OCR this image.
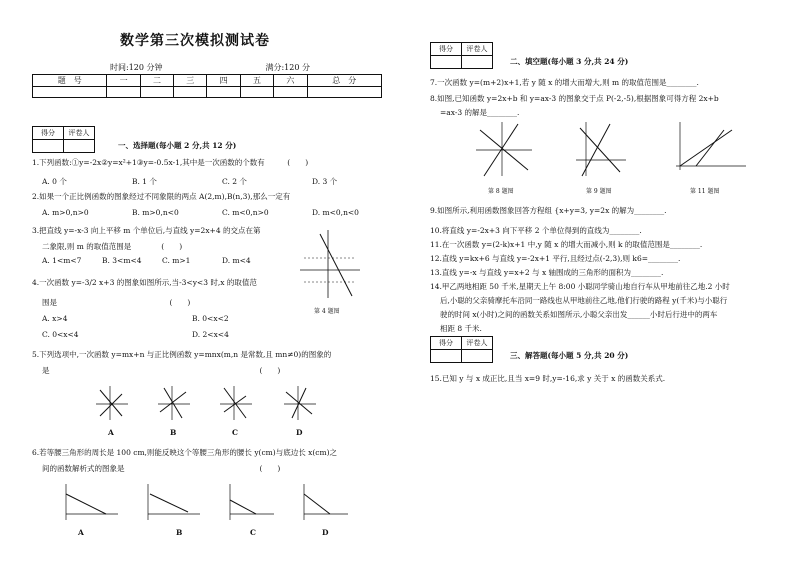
数学第三次模拟测试卷
时间:120 分钟	满分:120 分
题　号	一	二	三	四	五	六	总　分

得分	评卷人

一、选择题(每小题 2 分,共 12 分)
1.下列函数:①y=-2x②y=x²+1③y=-0.5x-1,其中是一次函数的个数有　　　(　　)
A. 0 个	B. 1 个	C. 2 个	D. 3 个
2.如果一个正比例函数的图象经过不同象限的两点 A(2,m),B(n,3),那么一定有
A. m>0,n>0	B. m>0,n<0	C. m<0,n>0	D. m<0,n<0
3.把直线 y=-x-3 向上平移 m 个单位后,与直线 y=2x+4 的交点在第
二象限,则 m 的取值范围是　　　　(　　)
A. 1<m<7	B. 3<m<4	C. m>1	D. m<4
第 4 题图
4.一次函数 y=-3/2 x+3 的图象如图所示,当-3<y<3 时,x 的取值范
围是　　　　　　　　　　　　　　　(　　)
A. x>4	B. 0<x<2
C. 0<x<4	D. 2<x<4
5.下列选项中,一次函数 y=mx+n 与正比例函数 y=mnx(m,n 是常数,且 mn≠0)的图象的
是　　　　　　　　　　　　　　　　　　　　　　　　　　　　(　　)
A	B	C	D
6.若等腰三角形的周长是 100 cm,则能反映这个等腰三角形的腰长 y(cm)与底边长 x(cm)之
间的函数解析式的图象是　　　　　　　　　　　　　　　　　　(　　)
A	B	C	D
得分	评卷人

二、填空题(每小题 3 分,共 24 分)
7.一次函数 y=(m+2)x+1,若 y 随 x 的增大而增大,则 m 的取值范围是________.
8.如图,已知函数 y=2x+b 和 y=ax-3 的图象交于点 P(-2,-5),根据图象可得方程 2x+b
=ax-3 的解是________.
第 8 题图	第 9 题图	第 11 题图
9.如图所示,利用函数图象回答方程组 {x+y=3, y=2x 的解为________.
10.将直线 y=-2x+3 向下平移 2 个单位得到的直线为________.
11.在一次函数 y=(2-k)x+1 中,y 随 x 的增大而减小,则 k 的取值范围是________.
12.直线 y=kx+6 与直线 y=-2x+1 平行,且经过点(-2,3),则 k6=________.
13.直线 y=-x 与直线 y=x+2 与 x 轴围成的三角形的面积为________.
14.甲乙两地相距 50 千米,星期天上午 8:00 小聪同学骑山地自行车从甲地前往乙地.2 小时
后,小聪的父亲骑摩托车沿同一路线也从甲地前往乙地,他们行驶的路程 y(千米)与小聪行
驶的时间 x(小时)之间的函数关系如图所示,小聪父亲出发______小时后行进中的两车
相距 8 千米.
得分	评卷人

三、解答题(每小题 5 分,共 20 分)
15.已知 y 与 x 成正比,且当 x=9 时,y=-16,求 y 关于 x 的函数关系式.
